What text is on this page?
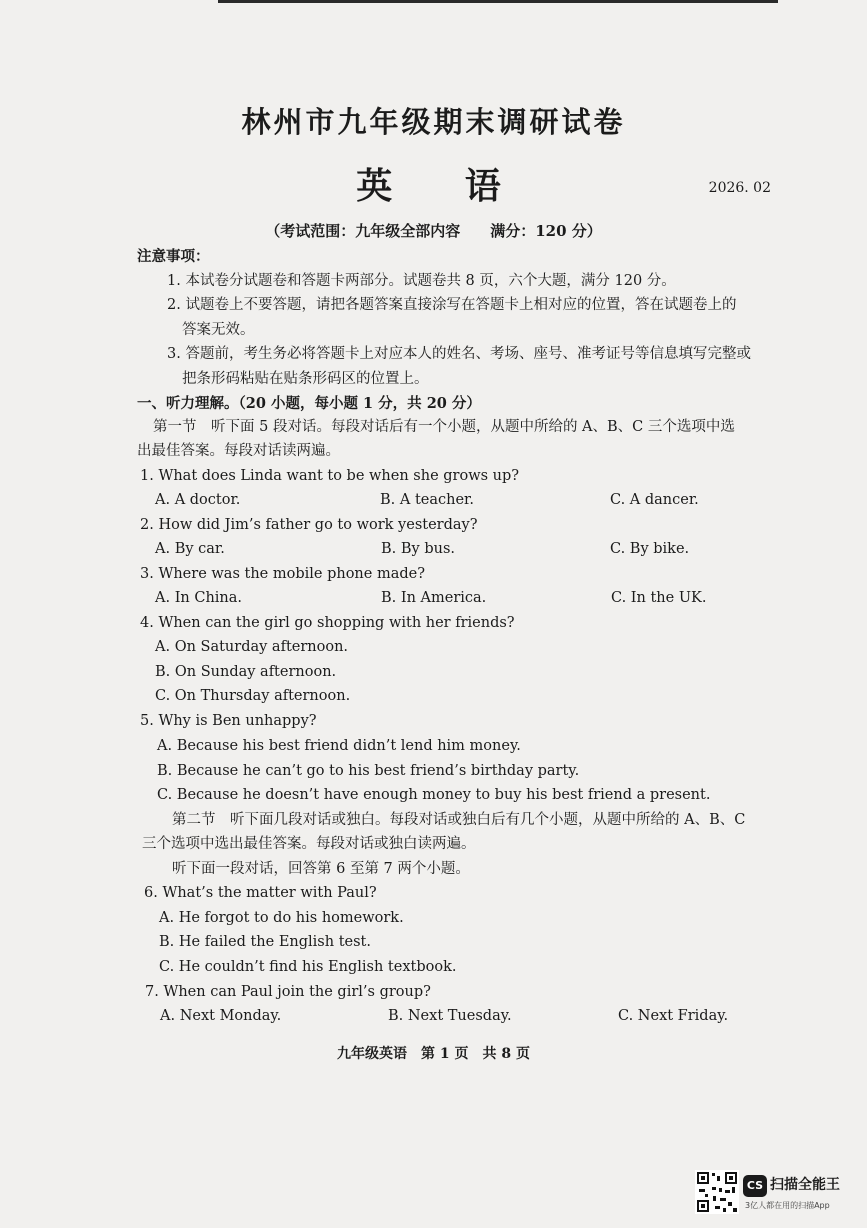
林州市九年级期末调研试卷
英 语	2026. 02
（考试范围：九年级全部内容　　满分：120 分）
注意事项：
1. 本试卷分试题卷和答题卡两部分。试题卷共 8 页，六个大题，满分 120 分。
2. 试题卷上不要答题，请把各题答案直接涂写在答题卡上相对应的位置，答在试题卷上的
答案无效。
3. 答题前，考生务必将答题卡上对应本人的姓名、考场、座号、准考证号等信息填写完整或
把条形码粘贴在贴条形码区的位置上。
一、听力理解。（20 小题，每小题 1 分，共 20 分）
第一节　听下面 5 段对话。每段对话后有一个小题，从题中所给的 A、B、C 三个选项中选
出最佳答案。每段对话读两遍。
1. What does Linda want to be when she grows up?
A. A doctor.	B. A teacher.	C. A dancer.
2. How did Jim’s father go to work yesterday?
A. By car.	B. By bus.	C. By bike.
3. Where was the mobile phone made?
A. In China.	B. In America.	C. In the UK.
4. When can the girl go shopping with her friends?
A. On Saturday afternoon.
B. On Sunday afternoon.
C. On Thursday afternoon.
5. Why is Ben unhappy?
A. Because his best friend didn’t lend him money.
B. Because he can’t go to his best friend’s birthday party.
C. Because he doesn’t have enough money to buy his best friend a present.
第二节　听下面几段对话或独白。每段对话或独白后有几个小题，从题中所给的 A、B、C
三个选项中选出最佳答案。每段对话或独白读两遍。
听下面一段对话，回答第 6 至第 7 两个小题。
6. What’s the matter with Paul?
A. He forgot to do his homework.
B. He failed the English test.
C. He couldn’t find his English textbook.
7. When can Paul join the girl’s group?
A. Next Monday.	B. Next Tuesday.	C. Next Friday.
九年级英语　第 1 页　共 8 页
CS 扫描全能王
3亿人都在用的扫描App
